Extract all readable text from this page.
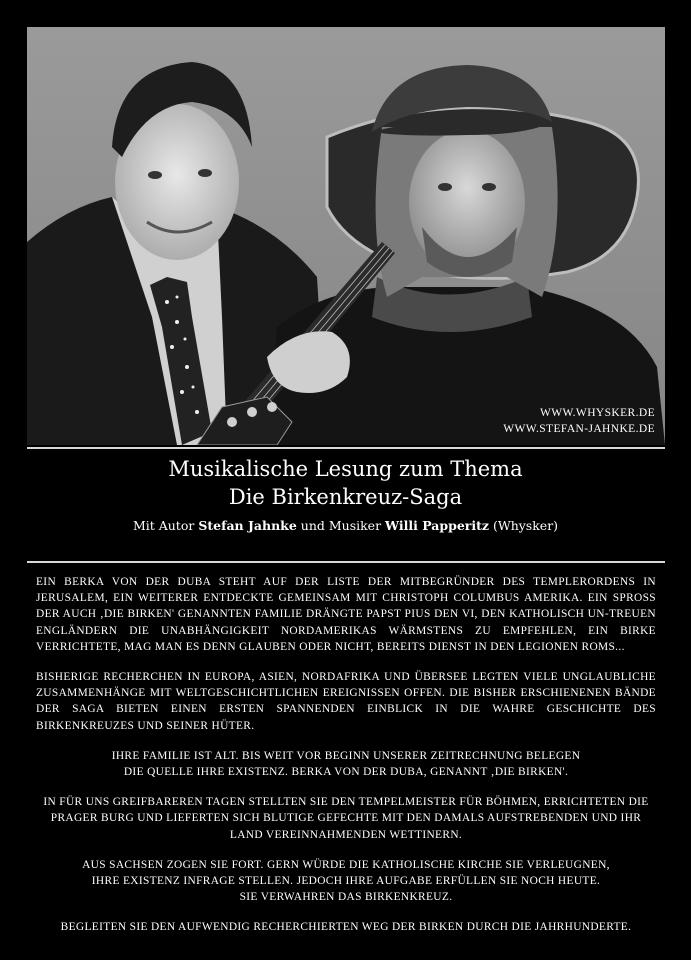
WWW.WHYSKER.DE
WWW.STEFAN-JAHNKE.DE
Musikalische Lesung zum Thema
Die Birkenkreuz-Saga
Mit Autor Stefan Jahnke und Musiker Willi Papperitz (Whysker)

EIN BERKA VON DER DUBA STEHT AUF DER LISTE DER MITBEGRÜNDER DES TEMPLERORDENS IN JERUSALEM, EIN WEITERER ENTDECKTE GEMEINSAM MIT CHRISTOPH COLUMBUS AMERIKA. EIN SPROSS DER AUCH ‚DIE BIRKEN' GENANNTEN FAMILIE DRÄNGTE PAPST PIUS DEN VI, DEN KATHOLISCH UN-TREUEN ENGLÄNDERN DIE UNABHÄNGIGKEIT NORDAMERIKAS WÄRMSTENS ZU EMPFEHLEN, EIN BIRKE VERRICHTETE, MAG MAN ES DENN GLAUBEN ODER NICHT, BEREITS DIENST IN DEN LEGIONEN ROMS...

BISHERIGE RECHERCHEN IN EUROPA, ASIEN, NORDAFRIKA UND ÜBERSEE LEGTEN VIELE UNGLAUBLICHE ZUSAMMENHÄNGE MIT WELTGESCHICHTLICHEN EREIGNISSEN OFFEN. DIE BISHER ERSCHIENENEN BÄNDE DER SAGA BIETEN EINEN ERSTEN SPANNENDEN EINBLICK IN DIE WAHRE GESCHICHTE DES BIRKENKREUZES UND SEINER HÜTER.

IHRE FAMILIE IST ALT. BIS WEIT VOR BEGINN UNSERER ZEITRECHNUNG BELEGEN
DIE QUELLE IHRE EXISTENZ. BERKA VON DER DUBA, GENANNT ‚DIE BIRKEN'.

IN FÜR UNS GREIFBAREREN TAGEN STELLTEN SIE DEN TEMPELMEISTER FÜR BÖHMEN, ERRICHTETEN DIE PRAGER BURG UND LIEFERTEN SICH BLUTIGE GEFECHTE MIT DEN DAMALS AUFSTREBENDEN UND IHR LAND VEREINNAHMENDEN WETTINERN.

AUS SACHSEN ZOGEN SIE FORT. GERN WÜRDE DIE KATHOLISCHE KIRCHE SIE VERLEUGNEN,
IHRE EXISTENZ INFRAGE STELLEN. JEDOCH IHRE AUFGABE ERFÜLLEN SIE NOCH HEUTE.
SIE VERWAHREN DAS BIRKENKREUZ.

BEGLEITEN SIE DEN AUFWENDIG RECHERCHIERTEN WEG DER BIRKEN DURCH DIE JAHRHUNDERTE.
